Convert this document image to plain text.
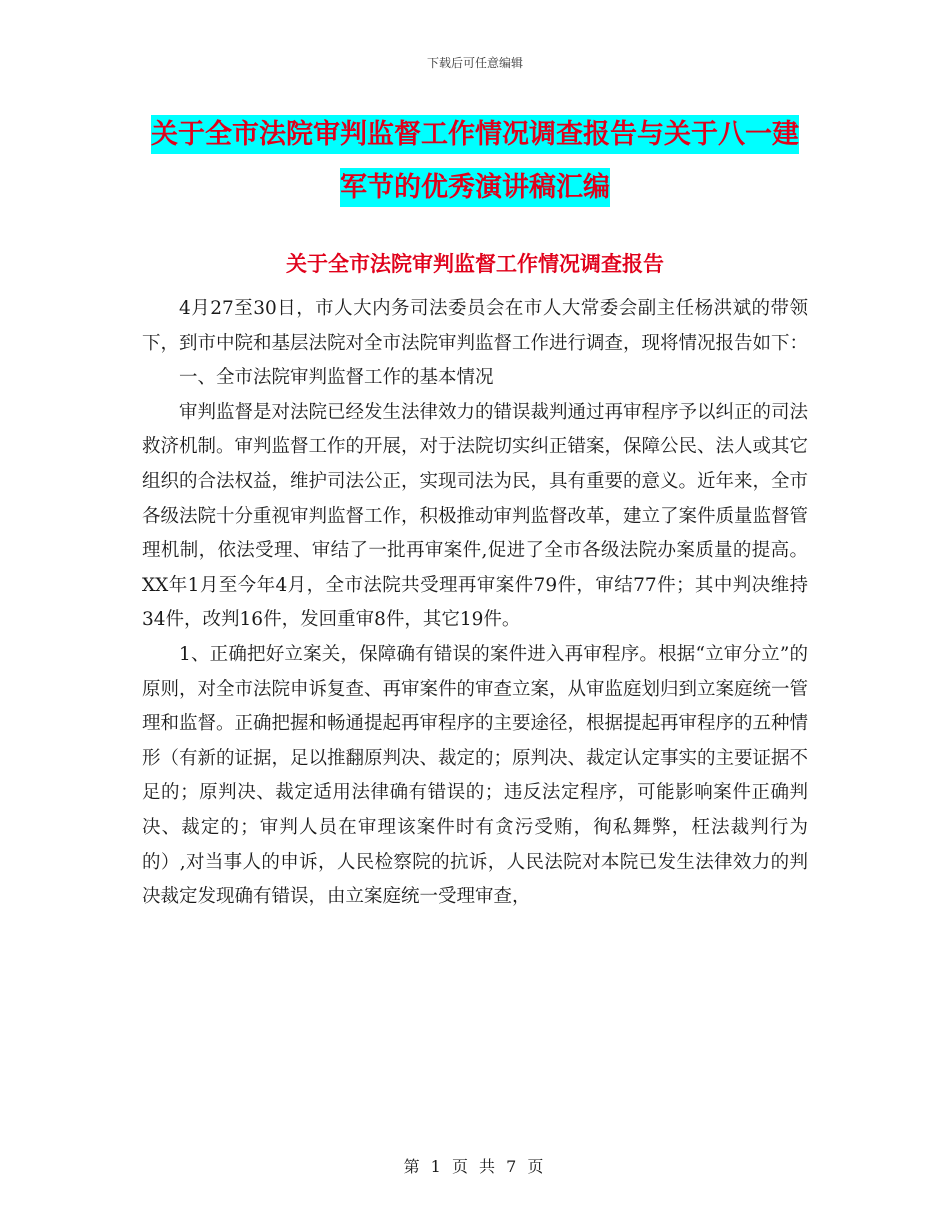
下载后可任意编辑
关于全市法院审判监督工作情况调查报告与关于八一建军节的优秀演讲稿汇编
关于全市法院审判监督工作情况调查报告

4月27至30日，市人大内务司法委员会在市人大常委会副主任杨洪斌的带领下，到市中院和基层法院对全市法院审判监督工作进行调查，现将情况报告如下：

一、全市法院审判监督工作的基本情况

审判监督是对法院已经发生法律效力的错误裁判通过再审程序予以纠正的司法救济机制。审判监督工作的开展，对于法院切实纠正错案，保障公民、法人或其它组织的合法权益，维护司法公正，实现司法为民，具有重要的意义。近年来，全市各级法院十分重视审判监督工作，积极推动审判监督改革，建立了案件质量监督管理机制，依法受理、审结了一批再审案件,促进了全市各级法院办案质量的提高。XX年1月至今年4月，全市法院共受理再审案件79件，审结77件；其中判决维持34件，改判16件，发回重审8件，其它19件。

1、正确把好立案关，保障确有错误的案件进入再审程序。根据“立审分立”的原则，对全市法院申诉复查、再审案件的审查立案，从审监庭划归到立案庭统一管理和监督。正确把握和畅通提起再审程序的主要途径，根据提起再审程序的五种情形（有新的证据，足以推翻原判决、裁定的；原判决、裁定认定事实的主要证据不足的；原判决、裁定适用法律确有错误的；违反法定程序，可能影响案件正确判决、裁定的；审判人员在审理该案件时有贪污受贿，徇私舞弊，枉法裁判行为的）,对当事人的申诉，人民检察院的抗诉，人民法院对本院已发生法律效力的判决裁定发现确有错误，由立案庭统一受理审查，

第 1 页 共 7 页
